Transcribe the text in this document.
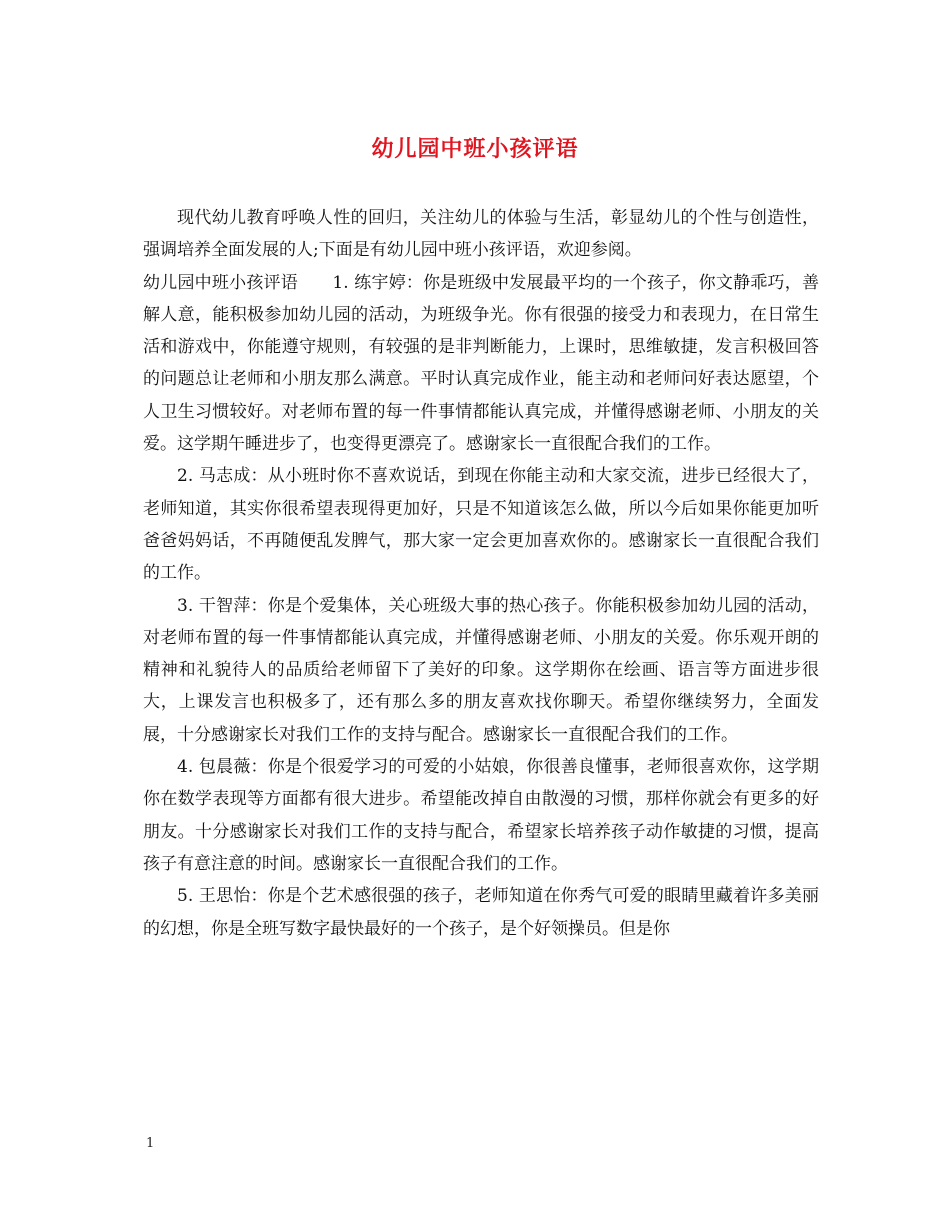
幼儿园中班小孩评语

现代幼儿教育呼唤人性的回归，关注幼儿的体验与生活，彰显幼儿的个性与创造性，强调培养全面发展的人;下面是有幼儿园中班小孩评语，欢迎参阅。

幼儿园中班小孩评语　　1. 练宇婷：你是班级中发展最平均的一个孩子，你文静乖巧，善解人意，能积极参加幼儿园的活动，为班级争光。你有很强的接受力和表现力，在日常生活和游戏中，你能遵守规则，有较强的是非判断能力，上课时，思维敏捷，发言积极回答的问题总让老师和小朋友那么满意。平时认真完成作业，能主动和老师问好表达愿望，个人卫生习惯较好。对老师布置的每一件事情都能认真完成，并懂得感谢老师、小朋友的关爱。这学期午睡进步了，也变得更漂亮了。感谢家长一直很配合我们的工作。

2. 马志成：从小班时你不喜欢说话，到现在你能主动和大家交流，进步已经很大了，老师知道，其实你很希望表现得更加好，只是不知道该怎么做，所以今后如果你能更加听爸爸妈妈话，不再随便乱发脾气，那大家一定会更加喜欢你的。感谢家长一直很配合我们的工作。

3. 干智萍：你是个爱集体，关心班级大事的热心孩子。你能积极参加幼儿园的活动，对老师布置的每一件事情都能认真完成，并懂得感谢老师、小朋友的关爱。你乐观开朗的精神和礼貌待人的品质给老师留下了美好的印象。这学期你在绘画、语言等方面进步很大，上课发言也积极多了，还有那么多的朋友喜欢找你聊天。希望你继续努力，全面发展，十分感谢家长对我们工作的支持与配合。感谢家长一直很配合我们的工作。

4. 包晨薇：你是个很爱学习的可爱的小姑娘，你很善良懂事，老师很喜欢你，这学期你在数学表现等方面都有很大进步。希望能改掉自由散漫的习惯，那样你就会有更多的好朋友。十分感谢家长对我们工作的支持与配合，希望家长培养孩子动作敏捷的习惯，提高孩子有意注意的时间。感谢家长一直很配合我们的工作。

5. 王思怡：你是个艺术感很强的孩子，老师知道在你秀气可爱的眼睛里藏着许多美丽的幻想，你是全班写数字最快最好的一个孩子，是个好领操员。但是你

1
